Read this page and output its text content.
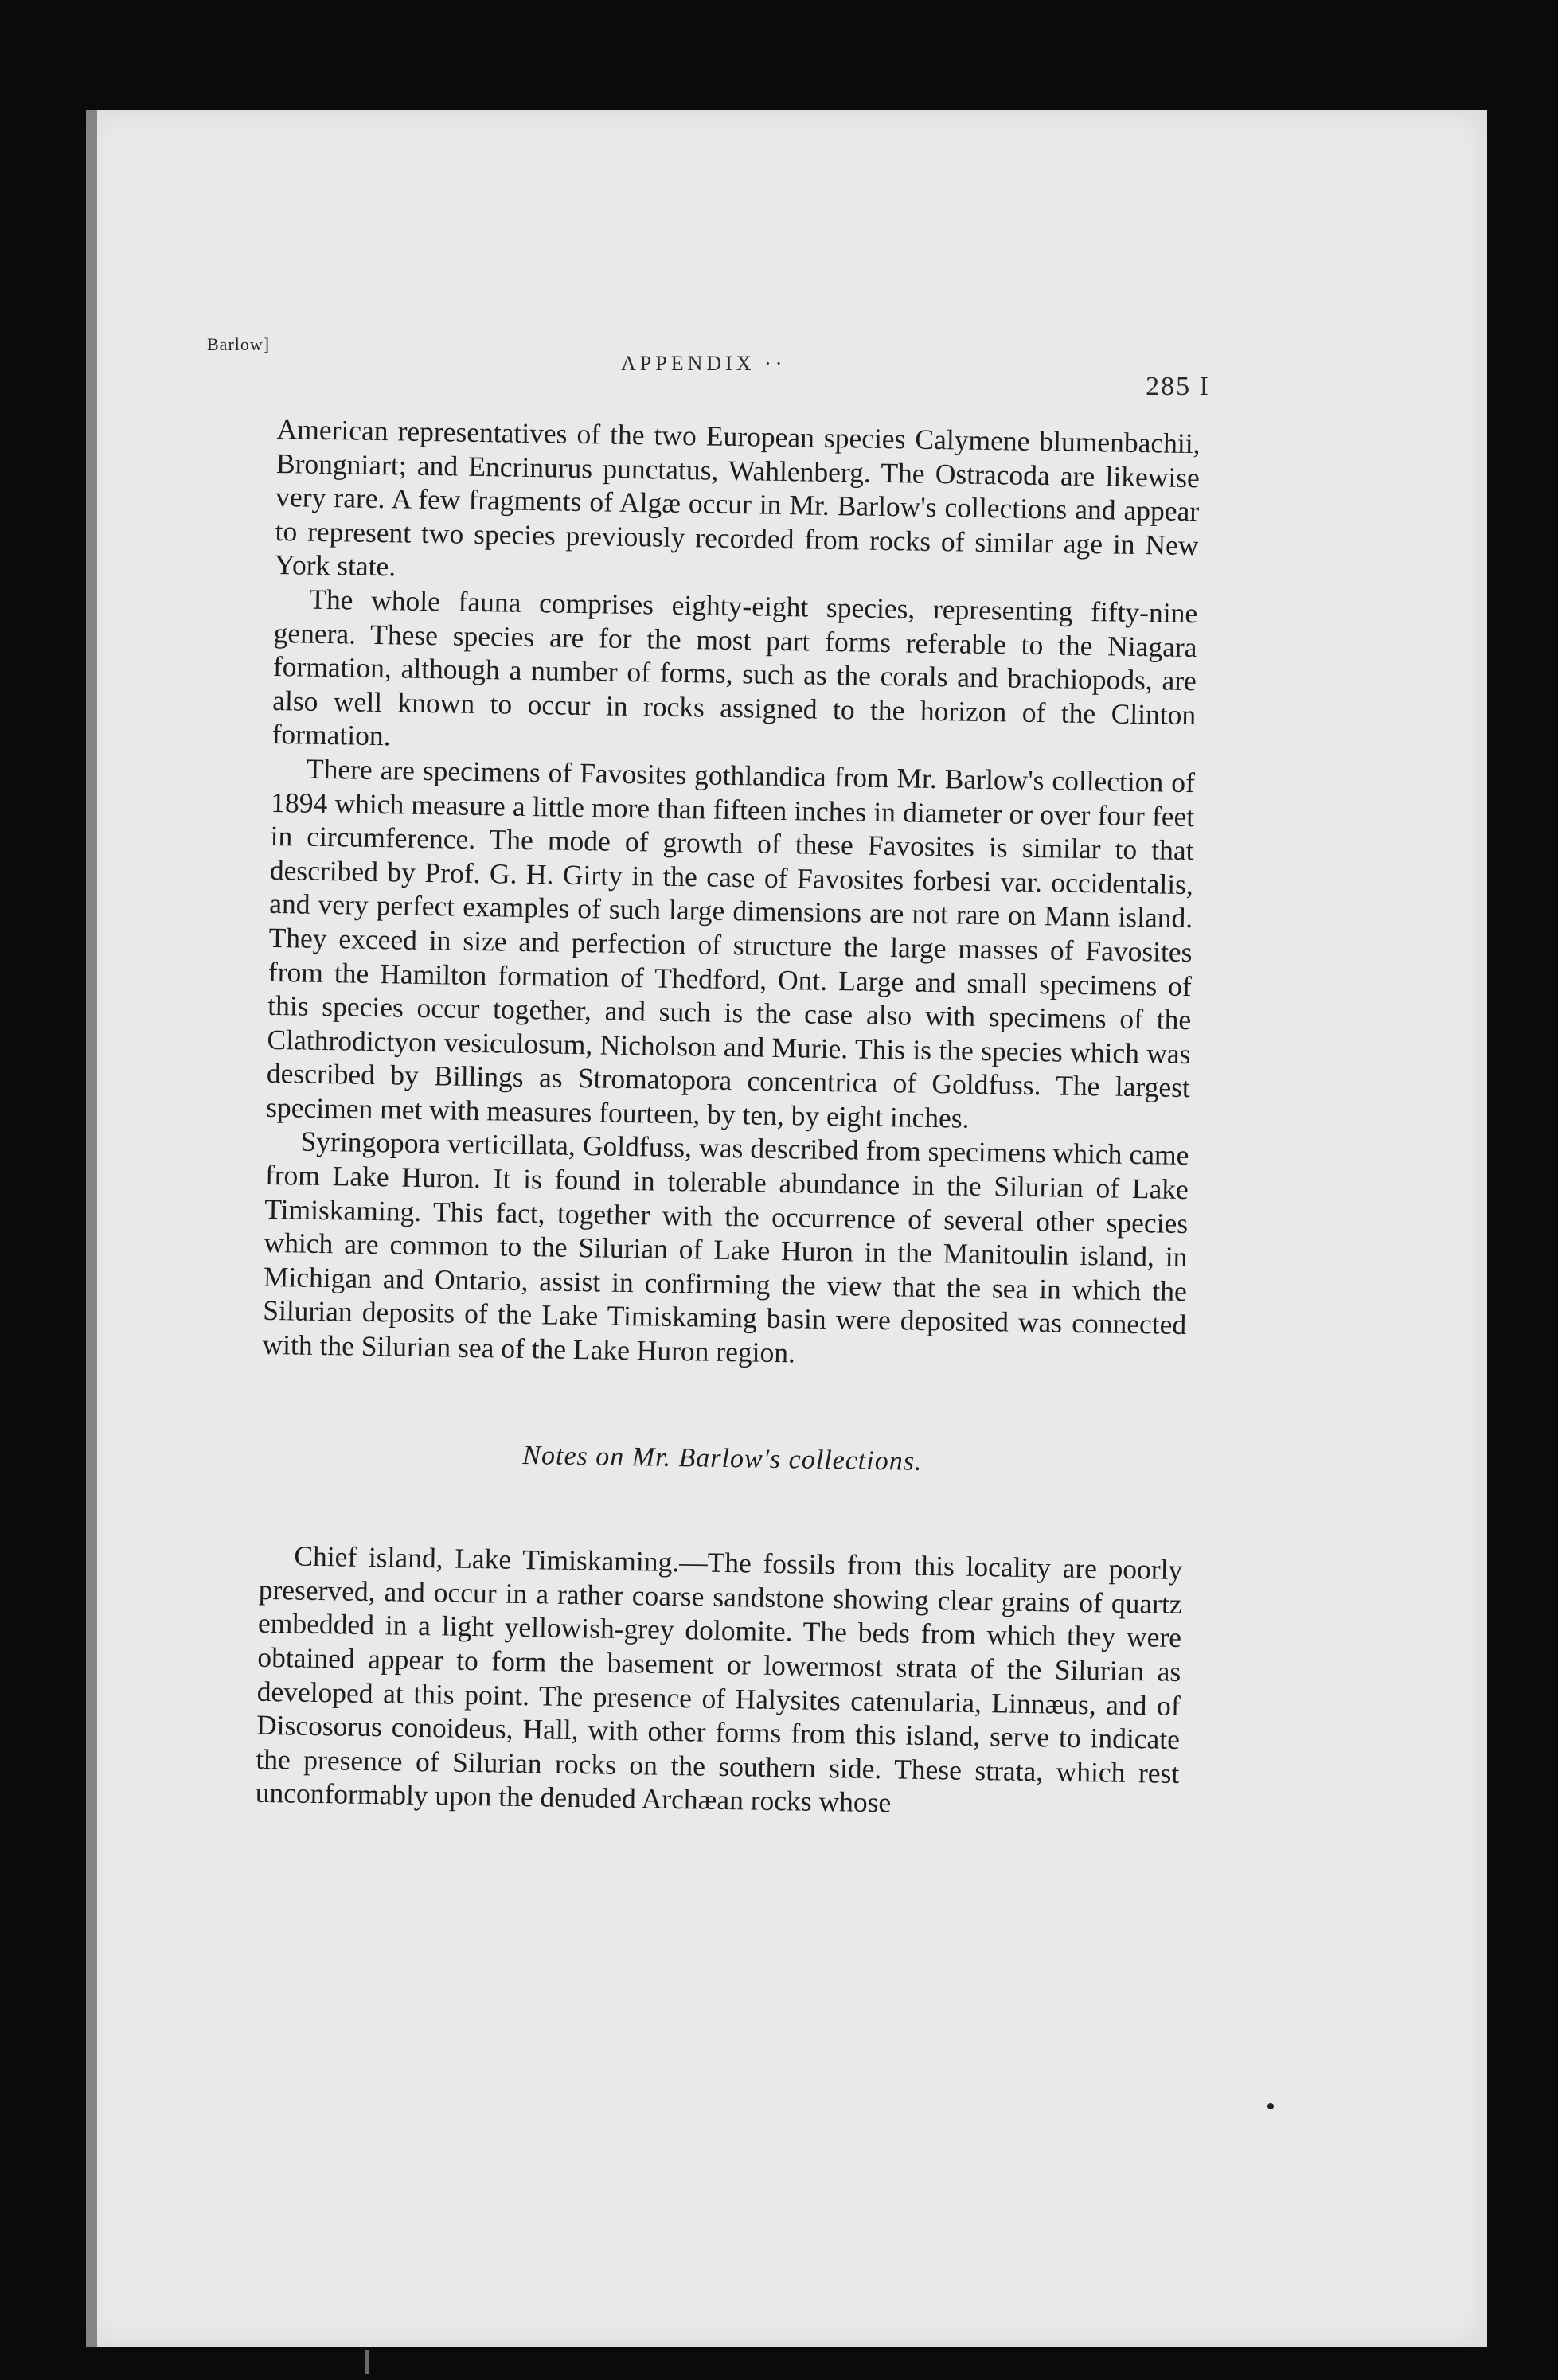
Barlow]
APPENDIX ··
285 I

American representatives of the two European species Calymene blumenbachii, Brongniart; and Encrinurus punctatus, Wahlenberg. The Ostracoda are likewise very rare. A few fragments of Algæ occur in Mr. Barlow's collections and appear to represent two species previously recorded from rocks of similar age in New York state.

The whole fauna comprises eighty-eight species, representing fifty-nine genera. These species are for the most part forms referable to the Niagara formation, although a number of forms, such as the corals and brachiopods, are also well known to occur in rocks assigned to the horizon of the Clinton formation.

There are specimens of Favosites gothlandica from Mr. Barlow's collection of 1894 which measure a little more than fifteen inches in diameter or over four feet in circumference. The mode of growth of these Favosites is similar to that described by Prof. G. H. Girty in the case of Favosites forbesi var. occidentalis, and very perfect examples of such large dimensions are not rare on Mann island. They exceed in size and perfection of structure the large masses of Favosites from the Hamilton formation of Thedford, Ont. Large and small specimens of this species occur together, and such is the case also with specimens of the Clathrodictyon vesiculosum, Nicholson and Murie. This is the species which was described by Billings as Stromatopora concentrica of Goldfuss. The largest specimen met with measures fourteen, by ten, by eight inches.

Syringopora verticillata, Goldfuss, was described from specimens which came from Lake Huron. It is found in tolerable abundance in the Silurian of Lake Timiskaming. This fact, together with the occurrence of several other species which are common to the Silurian of Lake Huron in the Manitoulin island, in Michigan and Ontario, assist in confirming the view that the sea in which the Silurian deposits of the Lake Timiskaming basin were deposited was connected with the Silurian sea of the Lake Huron region.

Notes on Mr. Barlow's collections.

Chief island, Lake Timiskaming.—The fossils from this locality are poorly preserved, and occur in a rather coarse sandstone showing clear grains of quartz embedded in a light yellowish-grey dolomite. The beds from which they were obtained appear to form the basement or lowermost strata of the Silurian as developed at this point. The presence of Halysites catenularia, Linnæus, and of Discosorus conoideus, Hall, with other forms from this island, serve to indicate the presence of Silurian rocks on the southern side. These strata, which rest unconformably upon the denuded Archæan rocks whose
